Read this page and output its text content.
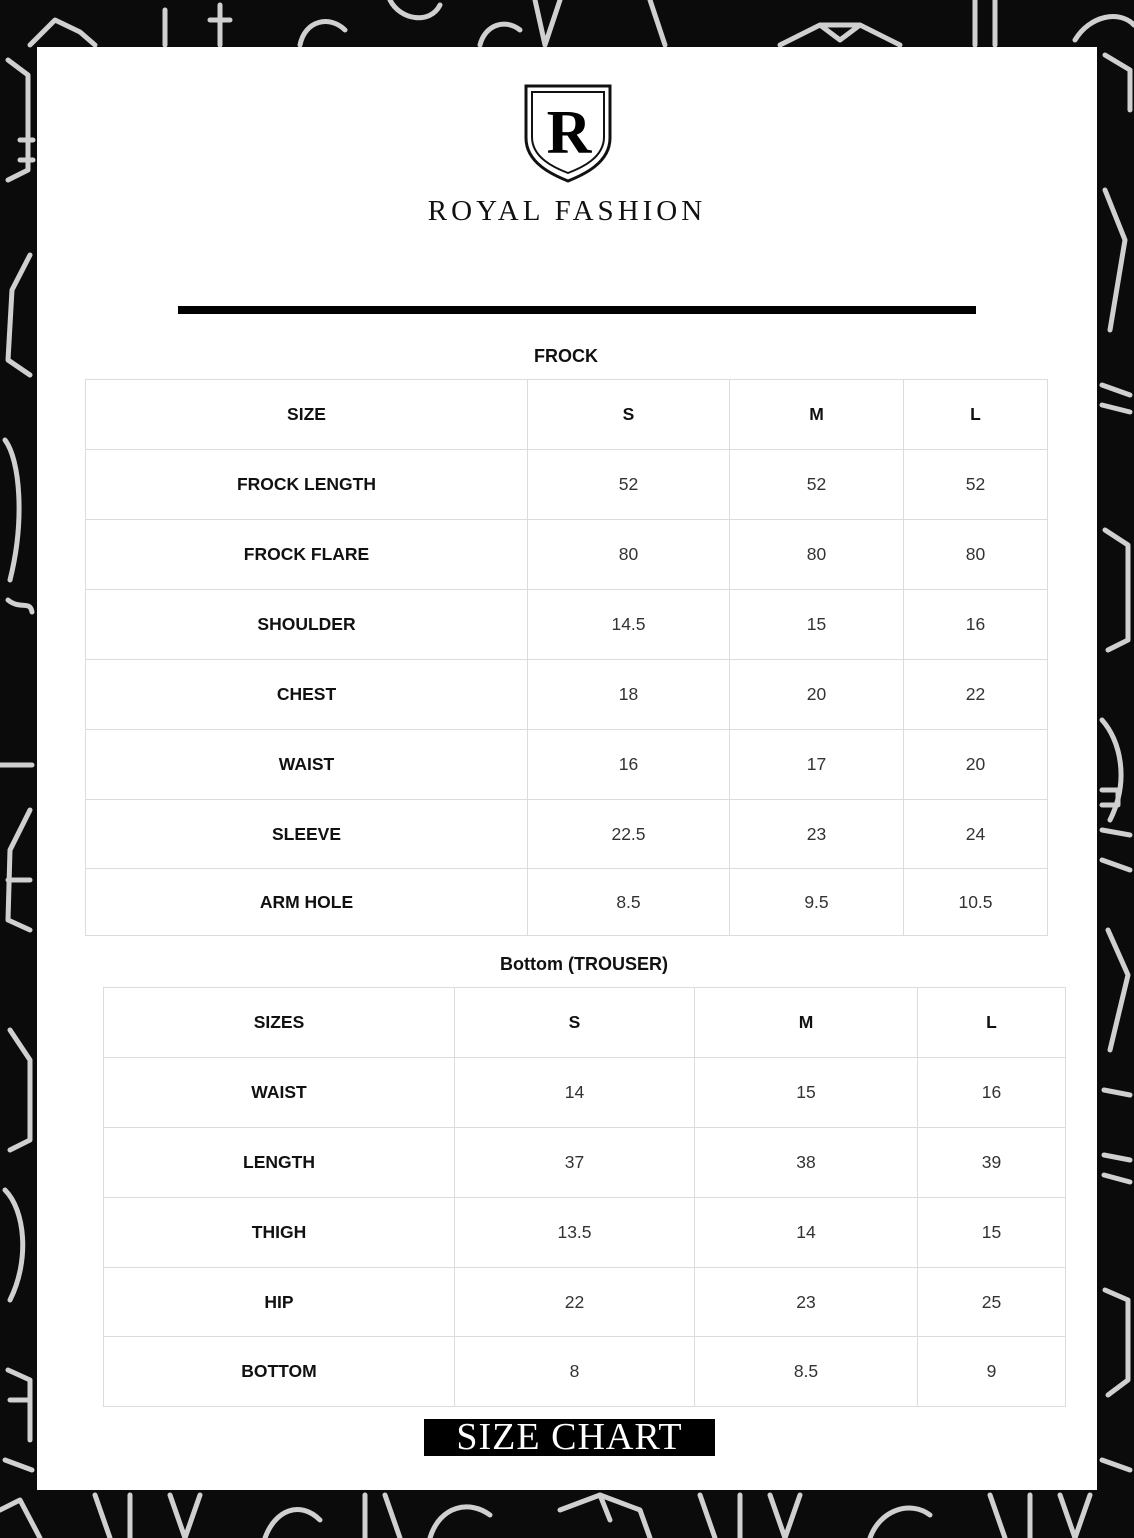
R
ROYAL FASHION
FROCK
SIZE	S	M	L
FROCK LENGTH	52	52	52
FROCK FLARE	80	80	80
SHOULDER	14.5	15	16
CHEST	18	20	22
WAIST	16	17	20
SLEEVE	22.5	23	24
ARM HOLE	8.5	9.5	10.5
Bottom (TROUSER)
SIZES	S	M	L
WAIST	14	15	16
LENGTH	37	38	39
THIGH	13.5	14	15
HIP	22	23	25
BOTTOM	8	8.5	9
SIZE CHART
